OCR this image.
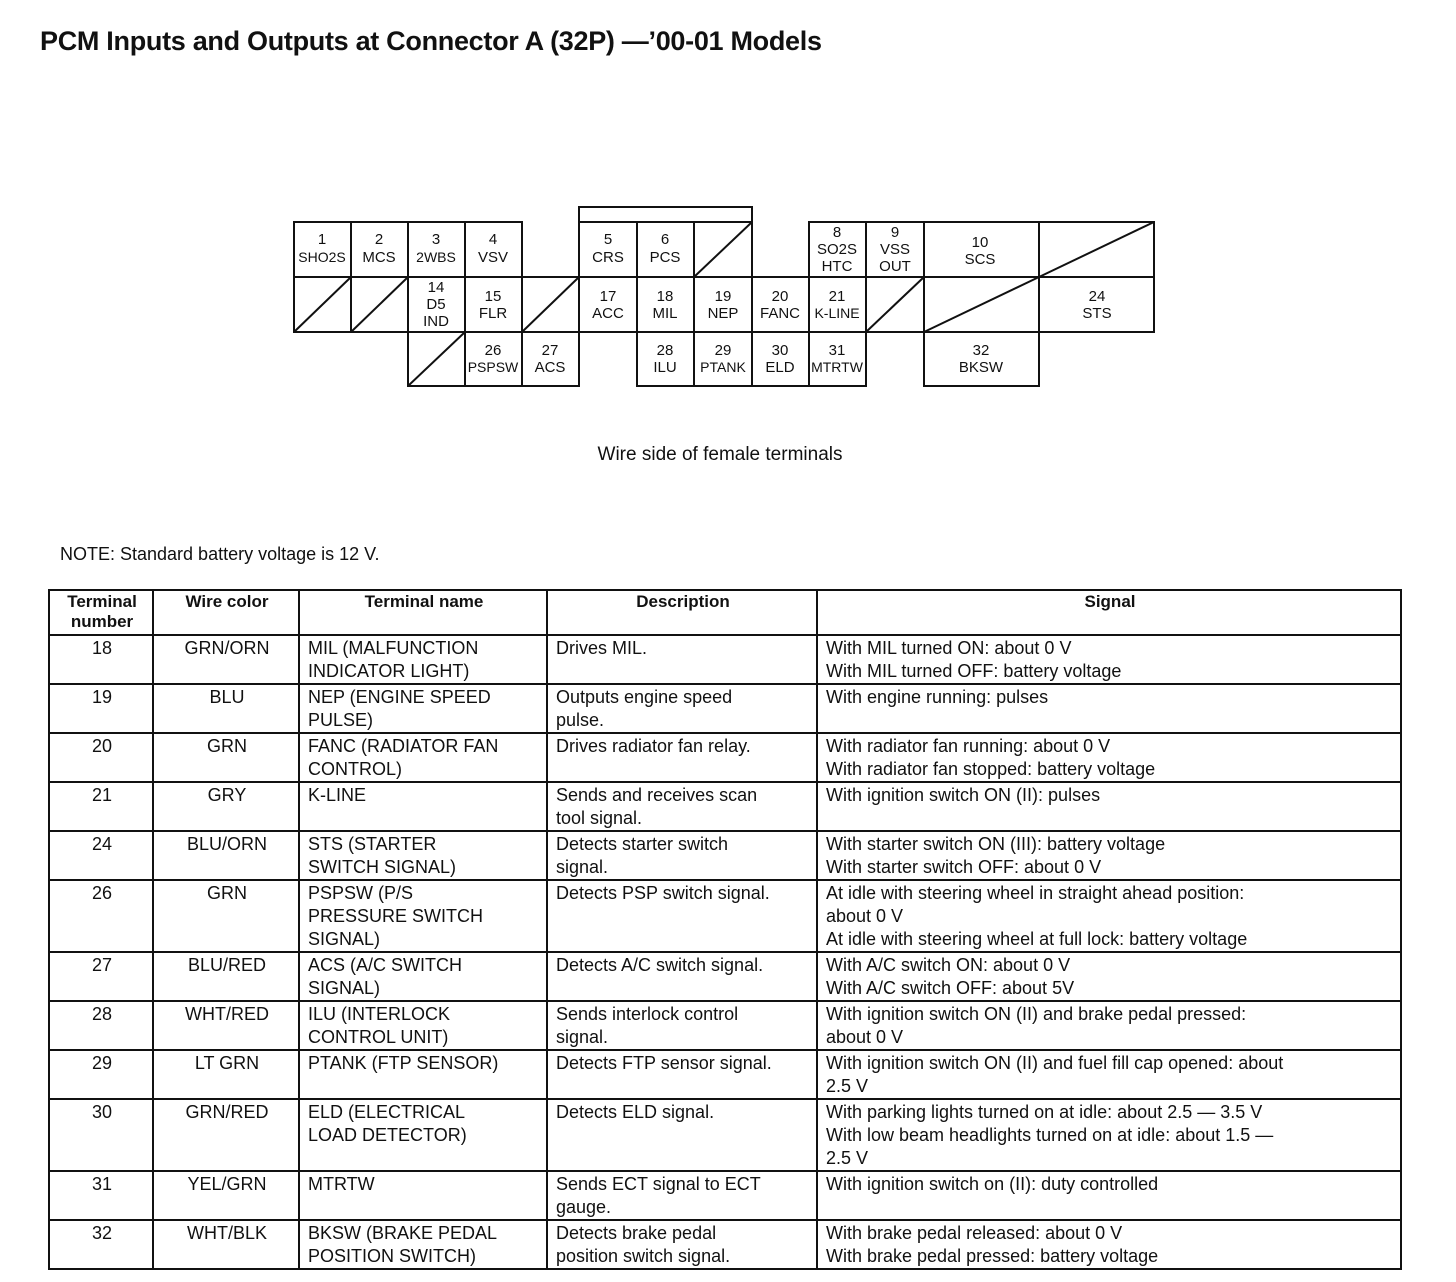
PCM Inputs and Outputs at Connector A (32P) —’00-01 Models
1
SHO2S
2
MCS
3
2WBS
4
VSV
5
CRS
6
PCS
8
SO2S
HTC
9
VSS
OUT
10
SCS
14
D5
IND
15
FLR
17
ACC
18
MIL
19
NEP
20
FANC
21
K-LINE
24
STS
26
PSPSW
27
ACS
28
ILU
29
PTANK
30
ELD
31
MTRTW
32
BKSW
Wire side of female terminals
NOTE: Standard battery voltage is 12 V.
Terminal number	Wire color	Terminal name	Description	Signal
18	GRN/ORN	MIL (MALFUNCTION
INDICATOR LIGHT)	Drives MIL.	With MIL turned ON: about 0 V
With MIL turned OFF: battery voltage
19	BLU	NEP (ENGINE SPEED
PULSE)	Outputs engine speed
pulse.	With engine running: pulses
20	GRN	FANC (RADIATOR FAN
CONTROL)	Drives radiator fan relay.	With radiator fan running: about 0 V
With radiator fan stopped: battery voltage
21	GRY	K-LINE	Sends and receives scan
tool signal.	With ignition switch ON (II): pulses
24	BLU/ORN	STS (STARTER
SWITCH SIGNAL)	Detects starter switch
signal.	With starter switch ON (III): battery voltage
With starter switch OFF: about 0 V
26	GRN	PSPSW (P/S
PRESSURE SWITCH
SIGNAL)	Detects PSP switch signal.	At idle with steering wheel in straight ahead position:
about 0 V
At idle with steering wheel at full lock: battery voltage
27	BLU/RED	ACS (A/C SWITCH
SIGNAL)	Detects A/C switch signal.	With A/C switch ON: about 0 V
With A/C switch OFF: about 5V
28	WHT/RED	ILU (INTERLOCK
CONTROL UNIT)	Sends interlock control
signal.	With ignition switch ON (II) and brake pedal pressed:
about 0 V
29	LT GRN	PTANK (FTP SENSOR)	Detects FTP sensor signal.	With ignition switch ON (II) and fuel fill cap opened: about
2.5 V
30	GRN/RED	ELD (ELECTRICAL
LOAD DETECTOR)	Detects ELD signal.	With parking lights turned on at idle: about 2.5 — 3.5 V
With low beam headlights turned on at idle: about 1.5 —
2.5 V
31	YEL/GRN	MTRTW	Sends ECT signal to ECT
gauge.	With ignition switch on (II): duty controlled
32	WHT/BLK	BKSW (BRAKE PEDAL
POSITION SWITCH)	Detects brake pedal
position switch signal.	With brake pedal released: about 0 V
With brake pedal pressed: battery voltage
